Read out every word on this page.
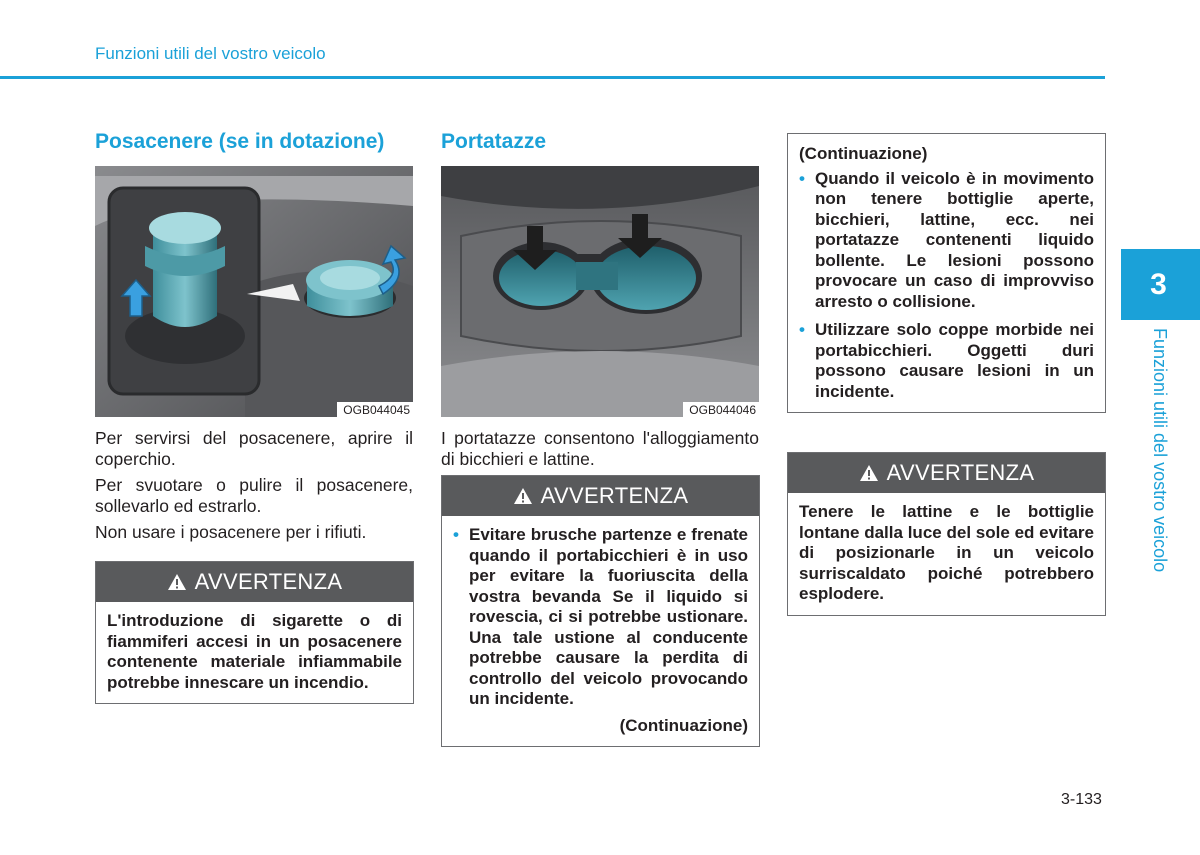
Funzioni utili del vostro veicolo
Posacenere (se in dotazione)
OGB044045

Per servirsi del posacenere, aprire il coperchio.

Per svuotare o pulire il posacenere, sollevarlo ed estrarlo.

Non usare i posacenere per i rifiuti.

AVVERTENZA
L'introduzione di sigarette o di fiammiferi accesi in un posacenere contenente materiale infiammabile potrebbe innescare un incendio.
Portatazze
OGB044046

I portatazze consentono l'alloggiamento di bicchieri e lattine.

AVVERTENZA
• Evitare brusche partenze e frenate quando il portabicchieri è in uso per evitare la fuoriuscita della vostra bevanda Se il liquido si rovescia, ci si potrebbe ustionare. Una tale ustione al conducente potrebbe causare la perdita di controllo del veicolo provocando un incidente.
(Continuazione)
(Continuazione)
• Quando il veicolo è in movimento non tenere bottiglie aperte, bicchieri, lattine, ecc. nei portatazze contenenti liquido bollente. Le lesioni possono provocare un caso di improvviso arresto o collisione.
• Utilizzare solo coppe morbide nei portabicchieri. Oggetti duri possono causare lesioni in un incidente.
AVVERTENZA
Tenere le lattine e le bottiglie lontane dalla luce del sole ed evitare di posizionarle in un veicolo surriscaldato poiché potrebbero esplodere.
3
Funzioni utili del vostro veicolo
3-133
